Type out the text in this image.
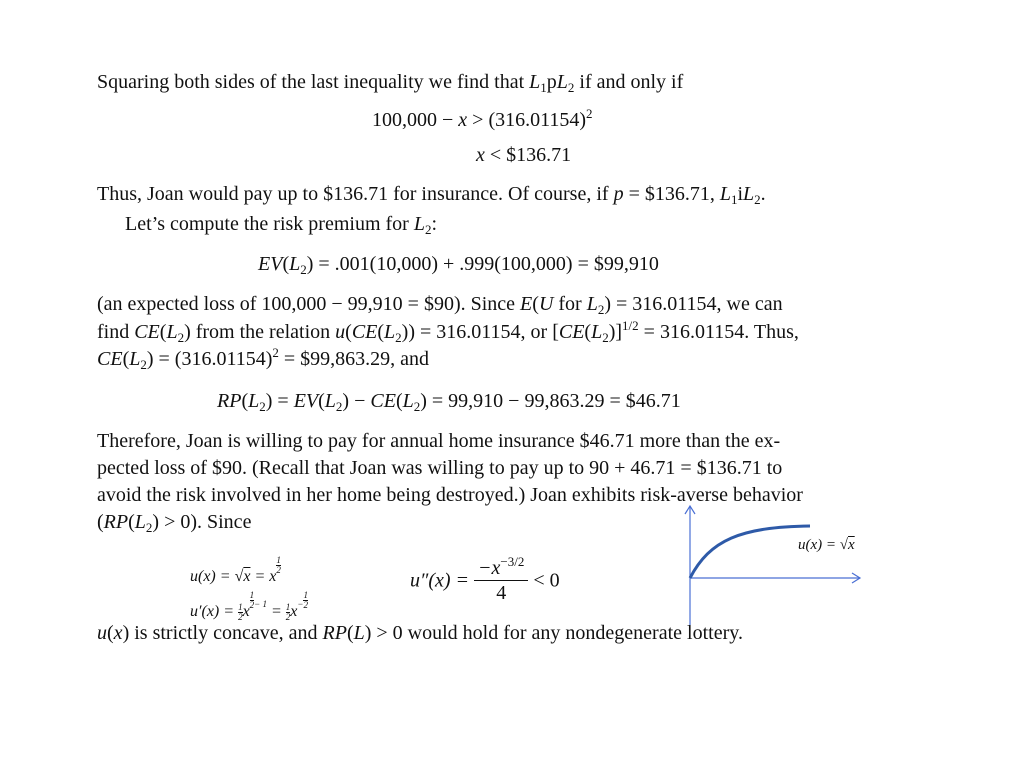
Squaring both sides of the last inequality we find that $L_1pL_2$ if and only if
$100,000 - x > (316.01154)^2$
x < $136.71
Thus, Joan would pay up to $136.71 for insurance. Of course, if p = $136.71, $L_1iL_2$.
Let’s compute the risk premium for $L_2$:
$EV(L_2) = .001(10,000) + .999(100,000)$ = $99,910
(an expected loss of 100,000 − 99,910 = $90). Since E(U for $L_2) = 316.01154$, we can
find $CE(L_2)$ from the relation $u(CE(L_2)) = 316.01154$, or $[CE(L_2)]^{1/2} = 316.01154$. Thus,
$CE(L_2) = (316.01154)^2$ = $99,863.29, and
$RP(L_2) = EV(L_2) - CE(L_2) = 99,910 - 99,863.29$ = $46.71
Therefore, Joan is willing to pay for annual home insurance $46.71 more than the ex-
pected loss of $90. (Recall that Joan was willing to pay up to 90 + 46.71 = $136.71 to
avoid the risk involved in her home being destroyed.) Joan exhibits risk-averse behavior
$(RP(L_2) > 0)$. Since
u(x) = √x = x
$\frac{1}{2}$
$u'(x) = \frac{1}{2}$ x
$\frac{1}{2} ^{- 1} = \frac{1}{2} x^- \frac{1}{2}$
$u''(x) = \frac{-x^{-3/2}}{4} < 0$
u(x) = √x
u(x) is strictly concave, and RP(L) > 0 would hold for any nondegenerate lottery.
